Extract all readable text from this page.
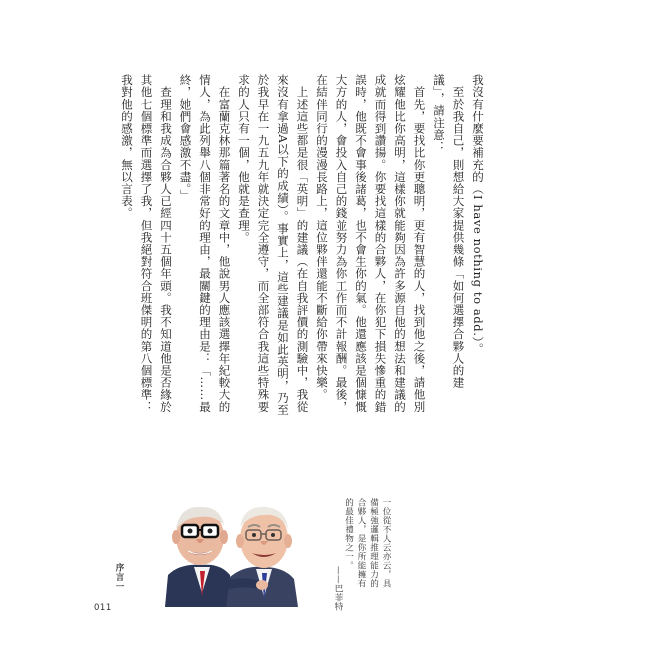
我沒有什麼要補充的（I have nothing to add.）。

　至於我自己，則想給大家提供幾條「如何選擇合夥人的建議」，請注意：

　首先，要找比你更聰明，更有智慧的人，找到他之後，請他別炫耀他比你高明，這樣你就能夠因為許多源自他的想法和建議的成就而得到讚揚。你要找這樣的合夥人，在你犯下損失慘重的錯誤時，他既不會事後諸葛，也不會生你的氣。他還應該是個慷慨大方的人，會投入自己的錢並努力為你工作而不計報酬。最後，在結伴同行的漫漫長路上，這位夥伴還能不斷給你帶來快樂。

　上述這些都是很「英明」的建議（在自我評價的測驗中，我從來沒有拿過A以下的成績）。事實上，這些建議是如此英明，乃至於我早在一九五九年就決定完全遵守，而全部符合我這些特殊要求的人只有一個，他就是查理。

　在富蘭克林那篇著名的文章中，他說男人應該選擇年紀較大的情人，為此列舉八個非常好的理由，最關鍵的理由是：「……最終，她們會感激不盡。」

　查理和我成為合夥人已經四十五個年頭。我不知道他是否緣於其他七個標準而選擇了我，但我絕對符合班傑明的第八個標準：我對他的感激，無以言表。

一位從不人云亦云，具備極強邏輯推理能力的合夥人，是你所能擁有的最佳禮物之一。

——巴菲特
序言一
011
